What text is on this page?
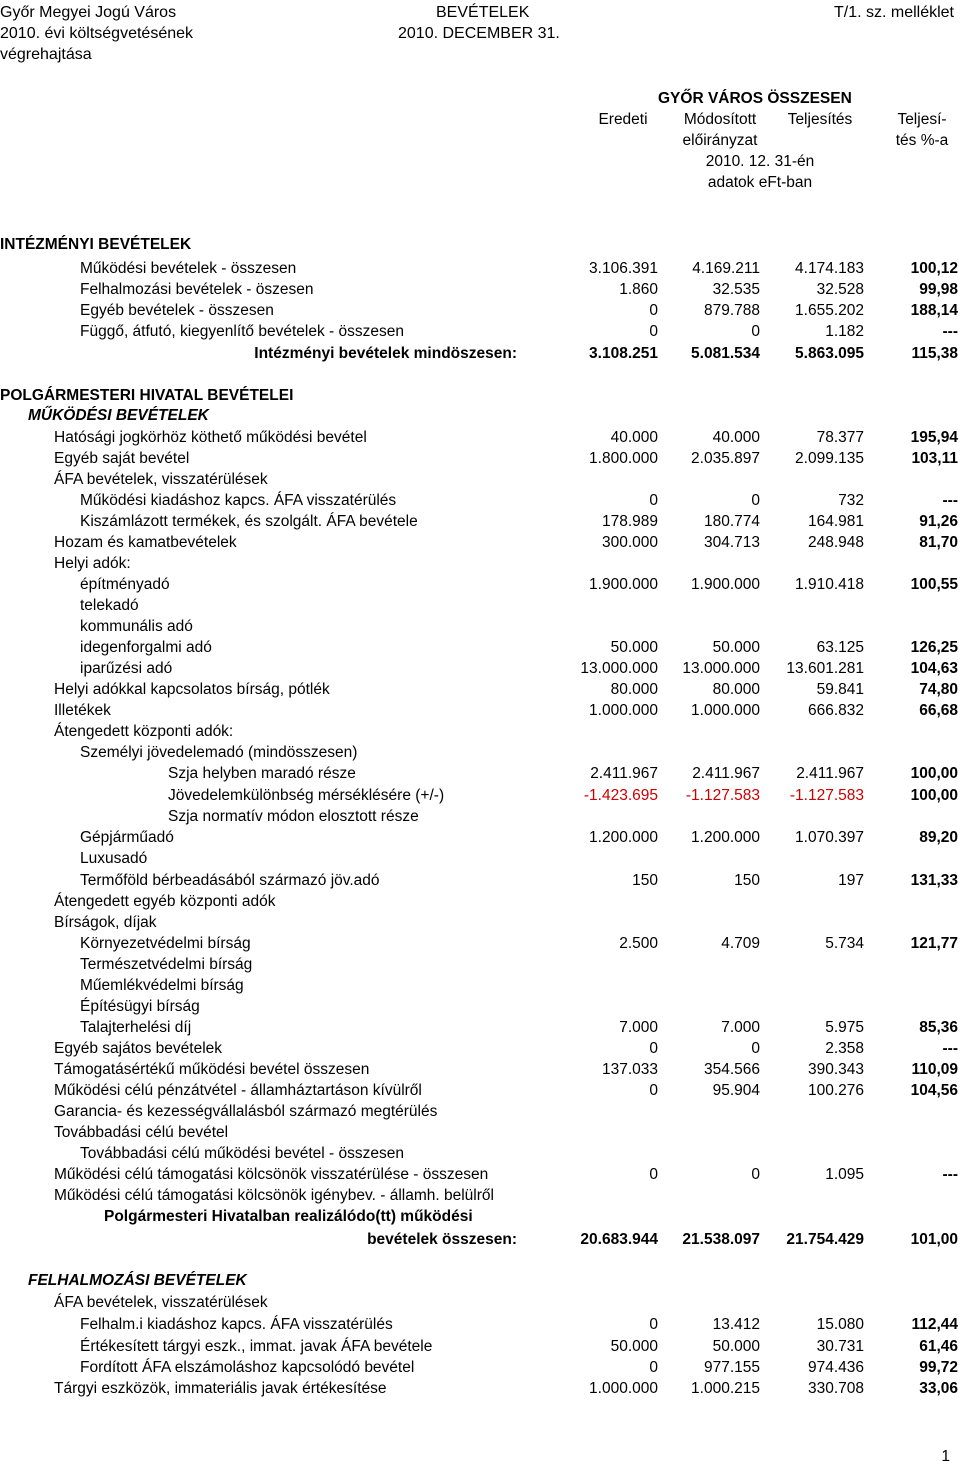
Győr Megyei Jogú Város
2010. évi költségvetésének
végrehajtása
BEVÉTELEK
2010. DECEMBER 31.
T/1. sz. melléklet
GYŐR VÁROS ÖSSZESEN
Eredeti	Módosított
előirányzat
Teljesítés
2010. 12. 31-én
adatok eFt-ban
Teljesí-
tés %-a
INTÉZMÉNYI BEVÉTELEK
Működési bevételek - összesen	3.106.391 4.169.211 4.174.183	100,12
Felhalmozási bevételek - öszesen	1.860	32.535	32.528	99,98
Egyéb bevételek - összesen	0	879.788 1.655.202	188,14
Függő, átfutó, kiegyenlítő bevételek - összesen	0	0	1.182	---
Intézményi bevételek mindöszesen:	3.108.251 5.081.534 5.863.095	115,38
POLGÁRMESTERI HIVATAL BEVÉTELEI
MŰKÖDÉSI BEVÉTELEK
Hatósági jogkörhöz köthető működési bevétel	40.000	40.000	78.377	195,94
Egyéb saját bevétel	1.800.000 2.035.897 2.099.135	103,11
ÁFA bevételek, visszatérülések
Működési kiadáshoz kapcs. ÁFA visszatérülés	0	0	732	---
Kiszámlázott termékek, és szolgált. ÁFA bevétele	178.989	180.774	164.981	91,26
Hozam és kamatbevételek	300.000	304.713	248.948	81,70
Helyi adók:
építményadó	1.900.000 1.900.000 1.910.418	100,55
telekadó
kommunális adó
idegenforgalmi adó	50.000	50.000	63.125	126,25
iparűzési adó	13.000.000 13.000.000 13.601.281	104,63
Helyi adókkal kapcsolatos bírság, pótlék	80.000	80.000	59.841	74,80
Illetékek	1.000.000 1.000.000	666.832	66,68
Átengedett központi adók:
Személyi jövedelemadó (mindösszesen)
Szja helyben maradó része	2.411.967 2.411.967 2.411.967	100,00
Jövedelemkülönbség mérséklésére (+/-)	-1.423.695 -1.127.583 -1.127.583	100,00
Szja normatív módon elosztott része
Gépjárműadó	1.200.000 1.200.000 1.070.397	89,20
Luxusadó
Termőföld bérbeadásából származó jöv.adó	150	150	197	131,33
Átengedett egyéb központi adók
Bírságok, díjak
Környezetvédelmi bírság	2.500	4.709	5.734	121,77
Természetvédelmi bírság
Műemlékvédelmi bírság
Építésügyi bírság
Talajterhelési díj	7.000	7.000	5.975	85,36
Egyéb sajátos bevételek	0	0	2.358	---
Támogatásértékű működési bevétel összesen	137.033	354.566	390.343	110,09
Működési célú pénzátvétel - államháztartáson kívülről	0	95.904	100.276	104,56
Garancia- és kezességvállalásból származó megtérülés
Továbbadási célú bevétel
Továbbadási célú működési bevétel - összesen
Működési célú támogatási kölcsönök visszatérülése - összesen	0	0	1.095	---
Működési célú támogatási kölcsönök igénybev. - államh. belülről
Polgármesteri Hivatalban realizálódo(tt) működési
bevételek összesen:	20.683.944 21.538.097 21.754.429	101,00
FELHALMOZÁSI BEVÉTELEK
ÁFA bevételek, visszatérülések
Felhalm.i kiadáshoz kapcs. ÁFA visszatérülés	0	13.412	15.080	112,44
Értékesített tárgyi eszk., immat. javak ÁFA bevétele	50.000	50.000	30.731	61,46
Fordított ÁFA elszámoláshoz kapcsolódó bevétel	0	977.155	974.436	99,72
Tárgyi eszközök, immateriális javak értékesítése	1.000.000 1.000.215	330.708	33,06
1
